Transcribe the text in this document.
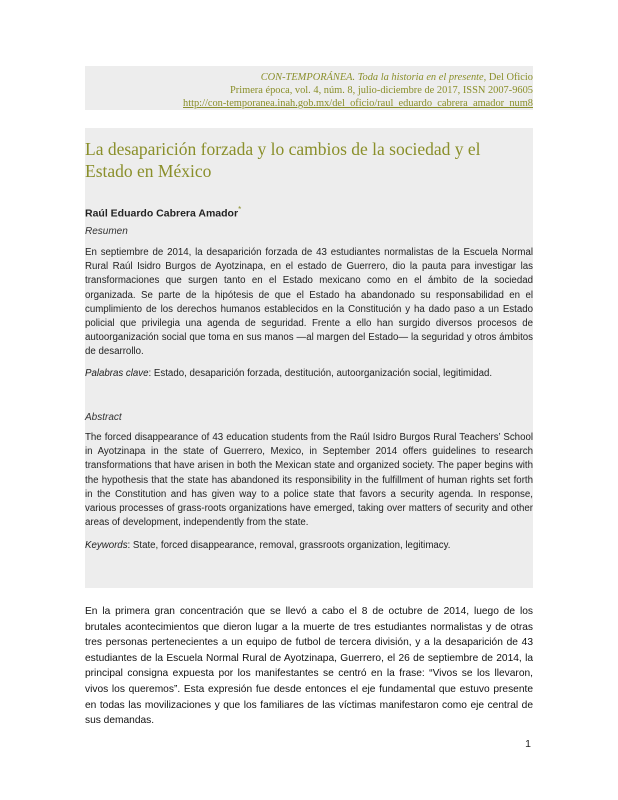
CON-TEMPORÁNEA. Toda la historia en el presente, Del Oficio
Primera época, vol. 4, núm. 8, julio-diciembre de 2017, ISSN 2007-9605
http://con-temporanea.inah.gob.mx/del_oficio/raul_eduardo_cabrera_amador_num8
La desaparición forzada y lo cambios de la sociedad y el Estado en México
Raúl Eduardo Cabrera Amador*
Resumen

En septiembre de 2014, la desaparición forzada de 43 estudiantes normalistas de la Escuela Normal Rural Raúl Isidro Burgos de Ayotzinapa, en el estado de Guerrero, dio la pauta para investigar las transformaciones que surgen tanto en el Estado mexicano como en el ámbito de la sociedad organizada. Se parte de la hipótesis de que el Estado ha abandonado su responsabilidad en el cumplimiento de los derechos humanos establecidos en la Constitución y ha dado paso a un Estado policial que privilegia una agenda de seguridad. Frente a ello han surgido diversos procesos de autoorganización social que toma en sus manos —al margen del Estado— la seguridad y otros ámbitos de desarrollo.

Palabras clave: Estado, desaparición forzada, destitución, autoorganización social, legitimidad.
Abstract

The forced disappearance of 43 education students from the Raúl Isidro Burgos Rural Teachers’ School in Ayotzinapa in the state of Guerrero, Mexico, in September 2014 offers guidelines to research transformations that have arisen in both the Mexican state and organized society. The paper begins with the hypothesis that the state has abandoned its responsibility in the fulfillment of human rights set forth in the Constitution and has given way to a police state that favors a security agenda. In response, various processes of grass-roots organizations have emerged, taking over matters of security and other areas of development, independently from the state.

Keywords: State, forced disappearance, removal, grassroots organization, legitimacy.

En la primera gran concentración que se llevó a cabo el 8 de octubre de 2014, luego de los brutales acontecimientos que dieron lugar a la muerte de tres estudiantes normalistas y de otras tres personas pertenecientes a un equipo de futbol de tercera división, y a la desaparición de 43 estudiantes de la Escuela Normal Rural de Ayotzinapa, Guerrero, el 26 de septiembre de 2014, la principal consigna expuesta por los manifestantes se centró en la frase: “Vivos se los llevaron, vivos los queremos”. Esta expresión fue desde entonces el eje fundamental que estuvo presente en todas las movilizaciones y que los familiares de las víctimas manifestaron como eje central de sus demandas.

1
